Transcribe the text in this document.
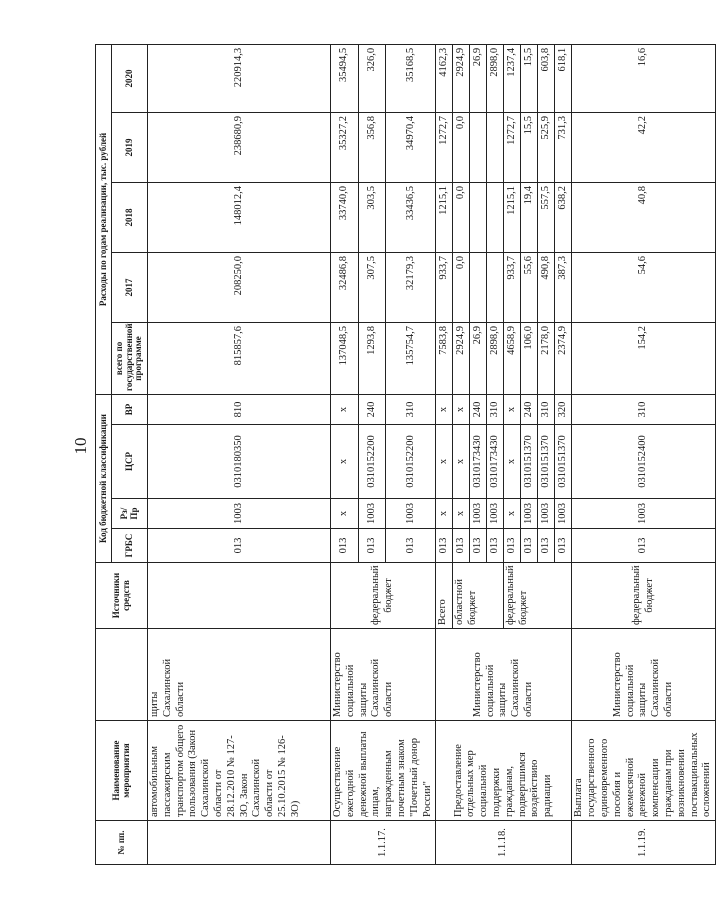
10
№ пп.	Наименование мероприятия		Источники средств	Код бюджетной классификации				Расходы по годам реализации, тыс. рублей				
				ГРБС	Рз/ Пр	ЦСР	ВР	всего по государственной программе	2017	2018	2019	2020
	автомобильным пассажирским транспортом общего пользования (Закон Сахалинской области от 28.12.2010 № 127-ЗО, Закон Сахалинской области от 25.10.2015 № 126-ЗО)	щиты Сахалинской области		013	1003	0310180350	810	815857,6	208250,0	148012,4	238680,9	220914,3
1.1.17.	Осуществление ежегодной денежной выплаты лицам, награжденным почетным знаком "Почетный донор России"	Министерство социальной защиты Сахалинской области	федеральный бюджет	013	х	х	х	137048,5	32486,8	33740,0	35327,2	35494,5
				013	1003	0310152200	240	1293,8	307,5	303,5	356,8	326,0
				013	1003	0310152200	310	135754,7	32179,3	33436,5	34970,4	35168,5
1.1.18.	Предоставление отдельных мер социальной поддержки гражданам, подвергшимся воздействию радиации	Министерство социальной защиты Сахалинской области	Всего	013	х	х	х	7583,8	933,7	1215,1	1272,7	4162,3
			областной бюджет	013	х	х	х	2924,9	0,0	0,0	0,0	2924,9
				013	1003	0310173430	240	26,9				26,9
				013	1003	0310173430	310	2898,0				2898,0
			федеральный бюджет	013	х	х	х	4658,9	933,7	1215,1	1272,7	1237,4
				013	1003	0310151370	240	106,0	55,6	19,4	15,5	15,5
				013	1003	0310151370	310	2178,0	490,8	557,5	525,9	603,8
				013	1003	0310151370	320	2374,9	387,3	638,2	731,3	618,1
1.1.19.	Выплата государственного единовременного пособия и ежемесячной денежной компенсации гражданам при возникновении поствакцинальных осложнений	Министерство социальной защиты Сахалинской области	федеральный бюджет	013	1003	0310152400	310	154,2	54,6	40,8	42,2	16,6
